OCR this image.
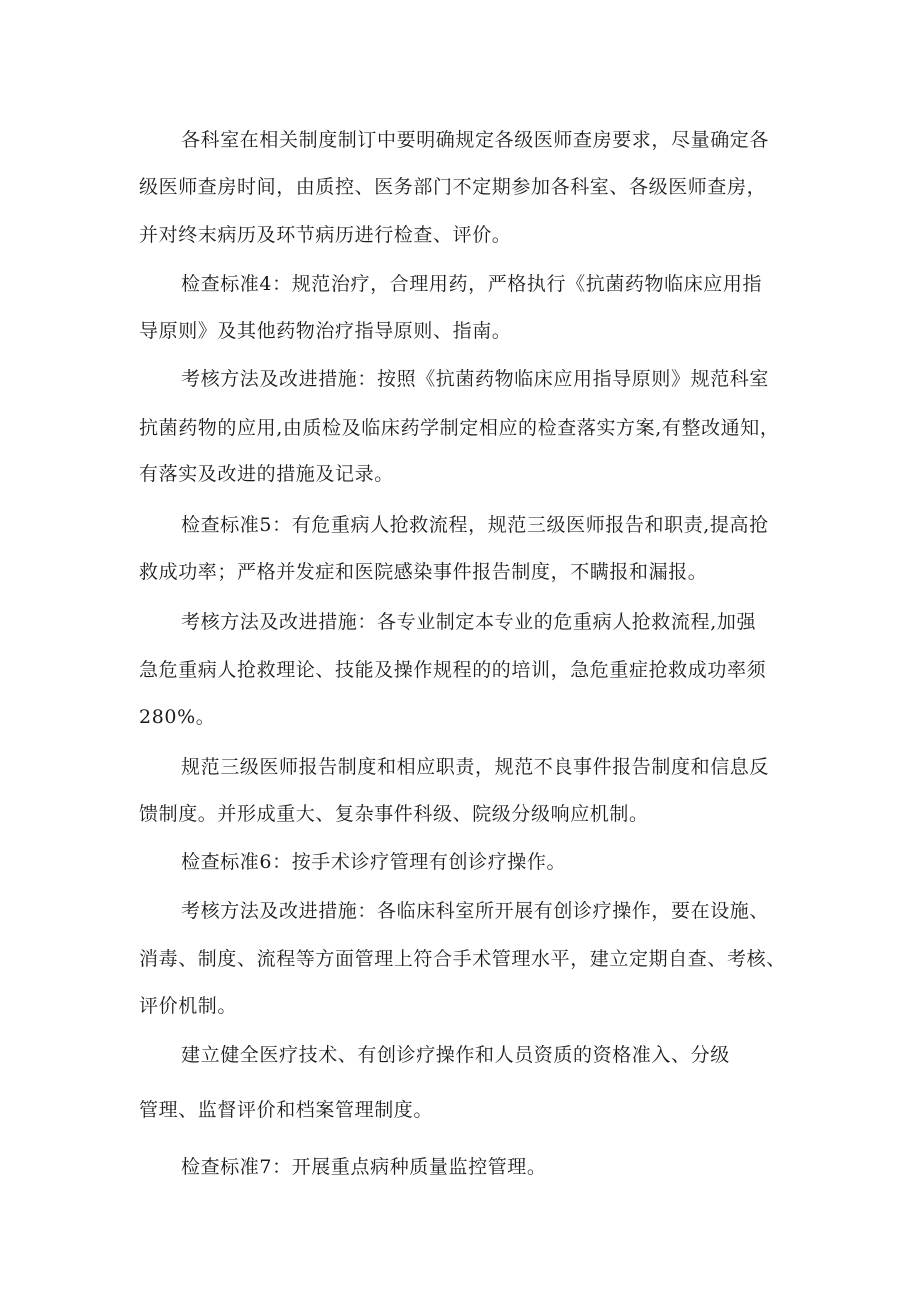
各科室在相关制度制订中要明确规定各级医师查房要求，尽量确定各
级医师查房时间，由质控、医务部门不定期参加各科室、各级医师查房，
并对终末病历及环节病历进行检查、评价。
检查标准4：规范治疗，合理用药，严格执行《抗菌药物临床应用指
导原则》及其他药物治疗指导原则、指南。
考核方法及改进措施：按照《抗菌药物临床应用指导原则》规范科室
抗菌药物的应用,由质检及临床药学制定相应的检查落实方案,有整改通知，
有落实及改进的措施及记录。
检查标准5：有危重病人抢救流程，规范三级医师报告和职责,提高抢
救成功率；严格并发症和医院感染事件报告制度，不瞒报和漏报。
考核方法及改进措施：各专业制定本专业的危重病人抢救流程,加强
急危重病人抢救理论、技能及操作规程的的培训，急危重症抢救成功率须
280%。
规范三级医师报告制度和相应职责，规范不良事件报告制度和信息反
馈制度。并形成重大、复杂事件科级、院级分级响应机制。
检查标准6：按手术诊疗管理有创诊疗操作。
考核方法及改进措施：各临床科室所开展有创诊疗操作，要在设施、
消毒、制度、流程等方面管理上符合手术管理水平，建立定期自查、考核、
评价机制。
建立健全医疗技术、有创诊疗操作和人员资质的资格准入、分级
管理、监督评价和档案管理制度。
检查标准7：开展重点病种质量监控管理。
